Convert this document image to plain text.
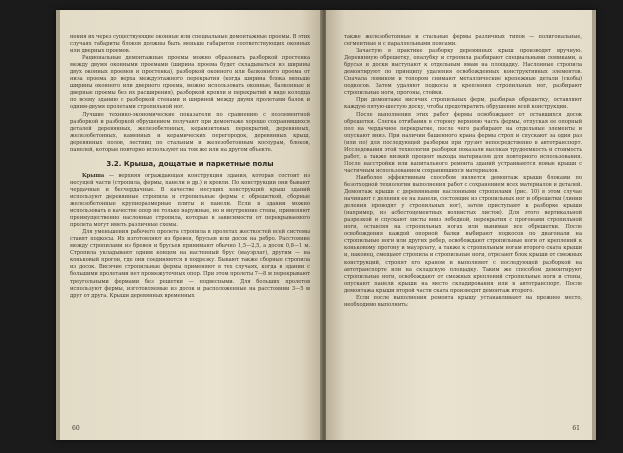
нения их через существующие оконные или специальные демонтажные проемы. В этих случаях габариты блоков должны быть меньше габаритов соответствующих оконных или дверных проемов.

Рациональные демонтажные проемы можно образовать разборкой простенка между двумя оконными проемами (ширина проема будет складываться из ширины двух оконных проемов и простенка), разборкой оконного или балконного проема от низа проема до верха междуэтажного перекрытия (когда ширина блока меньше ширины оконного или дверного проема, можно использовать оконные, балконные и дверные проемы без их расширения), разборкой кровли и перекрытий в виде колодца по всему зданию с разборкой стенами и шириной между двумя пролетами балок и одним-двумя пролетами стропильной ног.

Лучшие технико-экономические показатели по сравнению с поэлементной разборкой и разборкой обрушением получают при демонтаже хорошо сохранившихся деталей деревянных, железобетонных, керамзитовых перекрытий, деревянных, железобетонных, каменных и керамических перегородок, деревянных крыш, деревянных полов, лестниц по стальным и железобетонным косоурам, блоков, панелей, которые повторно используют на том же или на другом объекте.

3.2. Крыша, дощатые и паркетные полы

Крыша — верхняя ограждающая конструкция здания, которая состоит из несущей части (стропила, фермы, панели и др.) и кровли. По конструкции они бывают чердачные и бесчердачные. В качестве несущих конструкций крыш зданий используют деревянные стропила и стропильные фермы с обрешеткой, сборные железобетонные крупноразмерные плиты и панели. Если в здании можно использовать в качестве опор не только наружные, но и внутренние стены, применяют преимущественно наслонные стропила, которые в зависимости от перекрываемого пролета могут иметь различные схемы.

Для уменьшения рабочего пролета стропила в пролетах жесткостей всей системы ставят подкосы. Их изготовляют из бревен, брусьев или досок на ребро. Расстояние между стропилами из бревен и брусьев принимают обычно 1,5—2,5, а досок 0,8—1 м. Стропила укладывают одним концом на настенный брус (мауэрлат), другим — на коньковый прогон, где они соединяются в подрезку. Бывают также сборные стропила из досок. Висячие стропильные фермы применяют в тех случаях, когда в здании с большими пролетами нет промежуточных опор. При этом пролеты 7—8 м перекрывают треугольными фермами без решетки — подвесными. Для больших пролетов используют фермы, изготовляемые из досок и расположенные на расстоянии 3—5 м друг от друга. Крыши деревянных временных

60

также железобетонные и стальные фермы различных типов — полигональные, сегментные и с параллельными поясами.

Зачастую в практике разборку деревянных крыш производят вручную. Деревянную обрешетку, опалубку и стропила разбирают специальными ломиками, а брусья и доски выступают к отдельным ямам на площадку. Наслонные стропила демонтируют по принципу удаления освобожденных конструктивных элементов. Сначала ломиком и топором снимают металлические крепежные детали (скобы) подкосов. Затем удаляют подкосы и крепления стропильных ног, разбирают стропильные ноги, прогоны, стойки.

При демонтаже висячих стропильных ферм, разбирая обрешетку, оставляют каждую пятую-шестую доску, чтобы предотвратить обрушение всей конструкции.

После выполнения этих работ фермы освобождают от оставшихся досок обрешетки. Слегка отгибания в сторону верхнюю часть фермы, отпуская ее опорный пол на чердачное перекрытие, после чего разбирают на отдельные элементы и опускают вниз. При наличии башенного крана фермы строп и спускают за один раз (или по) для последующей разборки при грузит непосредственно в автотранспорт. Исследования этой технологии разборки показали высокая трудоемкость и стоимость работ, а также низкий процент выхода материалов для повторного использования. После насстройки или капитального ремонта зданий устраиваются новые крыши с частичным использованием сохранившихся материалов.

Наиболее эффективным способом является демонтаж крыши блоками по безотходной технологии выполнения работ с сохранением всех материалов и деталей. Демонтаж крыши с деревянными наслонными стропилами (рис. 10) в этом случае начинают с деления ее на панели, состоящие из стропильных ног и обрешетки (линии деления проводят у стропильных ног), затем приступают к разборке крыши (например, из асбестоцементных волнистых листов). Для этого вертикальной разрезкой и спускают листы вниз лебедкой, перекрытия с прогонами стропильной ноги, оставляя на стропильных ногах или вынимая все обрешетки. После освобождения каждой опорной балки выбирают подкосов по диагонали на стропильные ноги или других ребер, освобождают стропильные ноги от креплений к коньковому прогону и мауэрлату, а также к стропильным ногам второго ската крыши и, наконец, смещают стропила и стропильные ноги, отрезают блок крыши от смежных конструкций, стропят его краном и выполняют с последующей разборкой на автотранспорте или на складскую площадку. Таким же способом демонтируют стропильные ноги, освобождают от смежных креплений стропильные ноги и стены, опускают панели крыши на место складирования или в автотранспорт. После демонтажа крыши второй части ската производят демонтаж второго.

Если после выполнения ремонта крышу устанавливают на прежнее место, необходимо выполнить:

61
